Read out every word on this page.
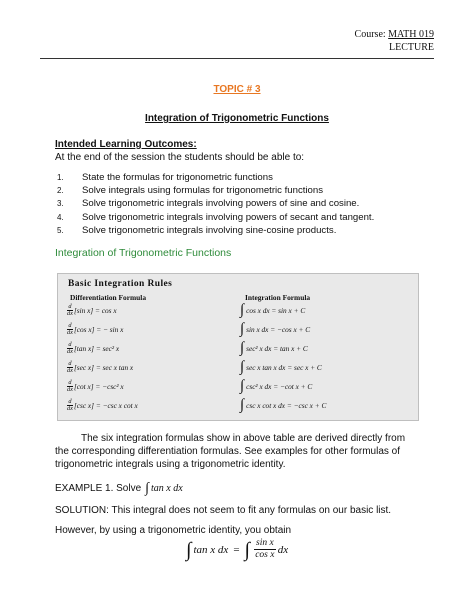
Course: MATH 019
LECTURE
TOPIC # 3
Integration of Trigonometric Functions
Intended Learning Outcomes:
At the end of the session the students should be able to:
1. State the formulas for trigonometric functions
2. Solve integrals using formulas for trigonometric functions
3. Solve trigonometric integrals involving powers of sine and cosine.
4. Solve trigonometric integrals involving powers of secant and tangent.
5. Solve trigonometric integrals involving sine-cosine products.
Integration of Trigonometric Functions
Basic Integration Rules
Differentiation Formula	Integration Formula
d
dx [sin x] = cos x
d
dx [cos x] = − sin x
d
dx [tan x] = sec² x
d
dx [sec x] = sec x tan x
d
dx [cot x] = −csc² x
d
dx [csc x] = −csc x cot x
∫ cos x dx = sin x + C
∫ sin x dx = −cos x + C
∫ sec² x dx = tan x + C
∫ sec x tan x dx = sec x + C
∫ csc² x dx = −cot x + C
∫ csc x cot x dx = −csc x + C
The six integration formulas show in above table are derived directly from the corresponding differentiation formulas. See examples for other formulas of trigonometric integrals using a trigonometric identity.
EXAMPLE 1. Solve ∫ tan x dx
SOLUTION: This integral does not seem to fit any formulas on our basic list.
However, by using a trigonometric identity, you obtain
∫ tan x dx = ∫ $\frac{\text{sin x}}{\text{cos x}}$ dx
